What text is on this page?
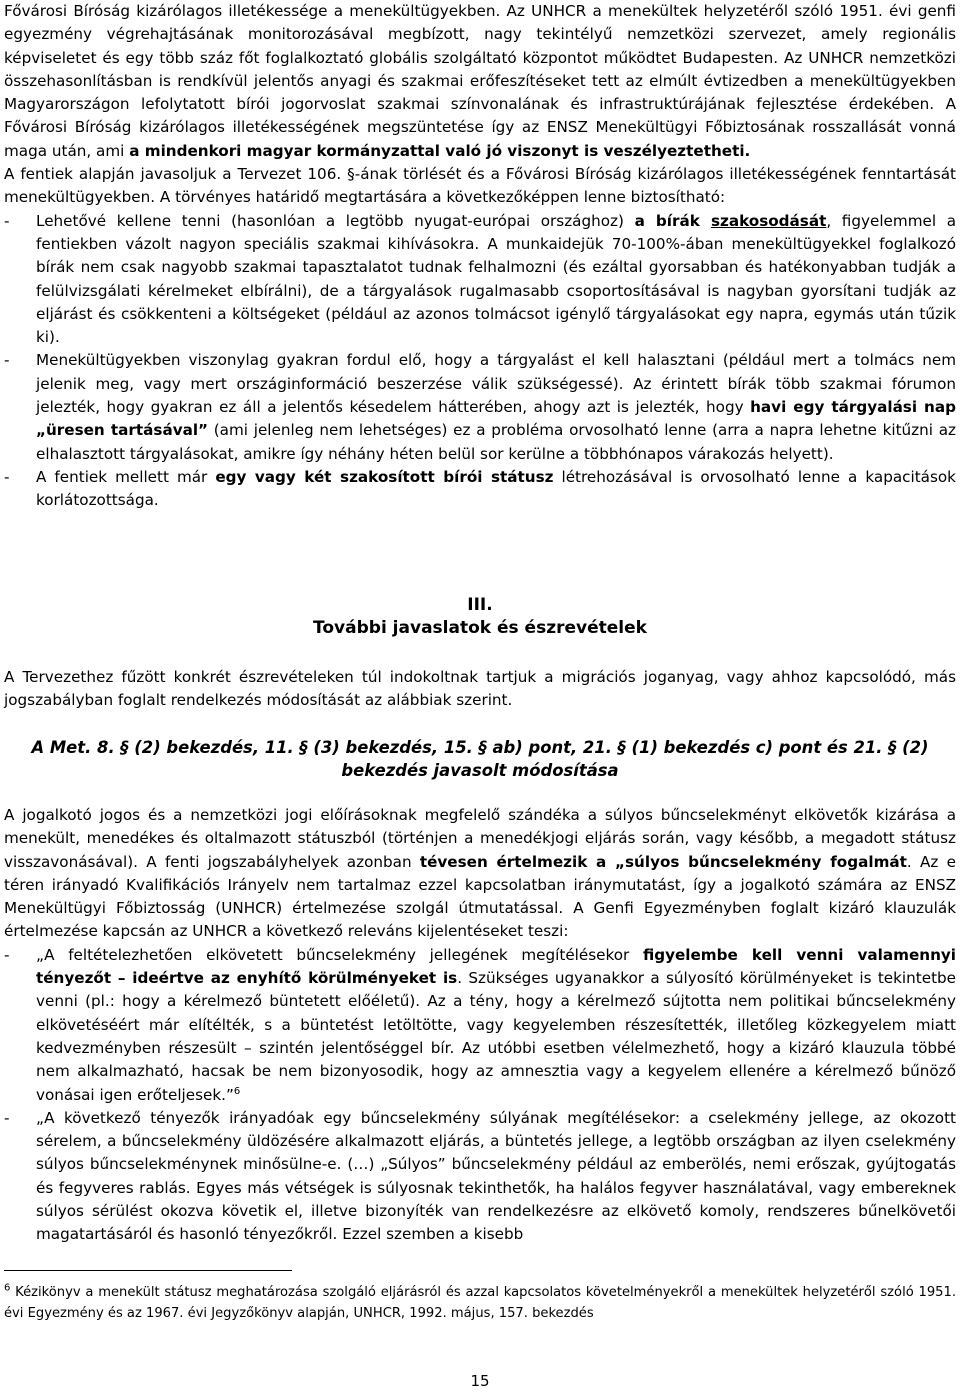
Fővárosi Bíróság kizárólagos illetékessége a menekültügyekben. Az UNHCR a menekültek helyzetéről szóló 1951. évi genfi egyezmény végrehajtásának monitorozásával megbízott, nagy tekintélyű nemzetközi szervezet, amely regionális képviseletet és egy több száz főt foglalkoztató globális szolgáltató központot működtet Budapesten. Az UNHCR nemzetközi összehasonlításban is rendkívül jelentős anyagi és szakmai erőfeszítéseket tett az elmúlt évtizedben a menekültügyekben Magyarországon lefolytatott bírói jogorvoslat szakmai színvonalának és infrastruktúrájának fejlesztése érdekében. A Fővárosi Bíróság kizárólagos illetékességének megszüntetése így az ENSZ Menekültügyi Főbiztosának rosszallását vonná maga után, ami a mindenkori magyar kormányzattal való jó viszonyt is veszélyeztetheti.

A fentiek alapján javasoljuk a Tervezet 106. §-ának törlését és a Fővárosi Bíróság kizárólagos illetékességének fenntartását menekültügyekben. A törvényes határidő megtartására a következőképpen lenne biztosítható:

-	Lehetővé kellene tenni (hasonlóan a legtöbb nyugat-európai országhoz) a bírák szakosodását, figyelemmel a fentiekben vázolt nagyon speciális szakmai kihívásokra. A munkaidejük 70-100%-ában menekültügyekkel foglalkozó bírák nem csak nagyobb szakmai tapasztalatot tudnak felhalmozni (és ezáltal gyorsabban és hatékonyabban tudják a felülvizsgálati kérelmeket elbírálni), de a tárgyalások rugalmasabb csoportosításával is nagyban gyorsítani tudják az eljárást és csökkenteni a költségeket (például az azonos tolmácsot igénylő tárgyalásokat egy napra, egymás után tűzik ki).
-	Menekültügyekben viszonylag gyakran fordul elő, hogy a tárgyalást el kell halasztani (például mert a tolmács nem jelenik meg, vagy mert országinformáció beszerzése válik szükségessé). Az érintett bírák több szakmai fórumon jelezték, hogy gyakran ez áll a jelentős késedelem hátterében, ahogy azt is jelezték, hogy havi egy tárgyalási nap „üresen tartásával” (ami jelenleg nem lehetséges) ez a probléma orvosolható lenne (arra a napra lehetne kitűzni az elhalasztott tárgyalásokat, amikre így néhány héten belül sor kerülne a többhónapos várakozás helyett).
-	A fentiek mellett már egy vagy két szakosított bírói státusz létrehozásával is orvosolható lenne a kapacitások korlátozottsága.

III.

További javaslatok és észrevételek

A Tervezethez fűzött konkrét észrevételeken túl indokoltnak tartjuk a migrációs joganyag, vagy ahhoz kapcsolódó, más jogszabályban foglalt rendelkezés módosítását az alábbiak szerint.

A Met. 8. § (2) bekezdés, 11. § (3) bekezdés, 15. § ab) pont, 21. § (1) bekezdés c) pont és 21. § (2)

bekezdés javasolt módosítása

A jogalkotó jogos és a nemzetközi jogi előírásoknak megfelelő szándéka a súlyos bűncselekményt elkövetők kizárása a menekült, menedékes és oltalmazott státuszból (történjen a menedékjogi eljárás során, vagy később, a megadott státusz visszavonásával). A fenti jogszabályhelyek azonban tévesen értelmezik a „súlyos bűncselekmény fogalmát. Az e téren irányadó Kvalifikációs Irányelv nem tartalmaz ezzel kapcsolatban iránymutatást, így a jogalkotó számára az ENSZ Menekültügyi Főbiztosság (UNHCR) értelmezése szolgál útmutatással. A Genfi Egyezményben foglalt kizáró klauzulák értelmezése kapcsán az UNHCR a következő releváns kijelentéseket teszi:

-	„A feltételezhetően elkövetett bűncselekmény jellegének megítélésekor figyelembe kell venni valamennyi tényezőt – ideértve az enyhítő körülményeket is. Szükséges ugyanakkor a súlyosító körülményeket is tekintetbe venni (pl.: hogy a kérelmező büntetett előéletű). Az a tény, hogy a kérelmező sújtotta nem politikai bűncselekmény elkövetéséért már elítélték, s a büntetést letöltötte, vagy kegyelemben részesítették, illetőleg közkegyelem miatt kedvezményben részesült – szintén jelentőséggel bír. Az utóbbi esetben vélelmezhető, hogy a kizáró klauzula többé nem alkalmazható, hacsak be nem bizonyosodik, hogy az amnesztia vagy a kegyelem ellenére a kérelmező bűnöző vonásai igen erőteljesek.”$^6$
-	„A következő tényezők irányadóak egy bűncselekmény súlyának megítélésekor: a cselekmény jellege, az okozott sérelem, a bűncselekmény üldözésére alkalmazott eljárás, a büntetés jellege, a legtöbb országban az ilyen cselekmény súlyos bűncselekménynek minősülne-e. (…) „Súlyos” bűncselekmény például az emberölés, nemi erőszak, gyújtogatás és fegyveres rablás. Egyes más vétségek is súlyosnak tekinthetők, ha halálos fegyver használatával, vagy embereknek súlyos sérülést okozva követik el, illetve bizonyíték van rendelkezésre az elkövető komoly, rendszeres bűnelkövetői magatartásáról és hasonló tényezőkről. Ezzel szemben a kisebb
$^6$ Kézikönyv a menekült státusz meghatározása szolgáló eljárásról és azzal kapcsolatos követelményekről a menekültek helyzetéről szóló 1951. évi Egyezmény és az 1967. évi Jegyzőkönyv alapján, UNHCR, 1992. május, 157. bekezdés
15
